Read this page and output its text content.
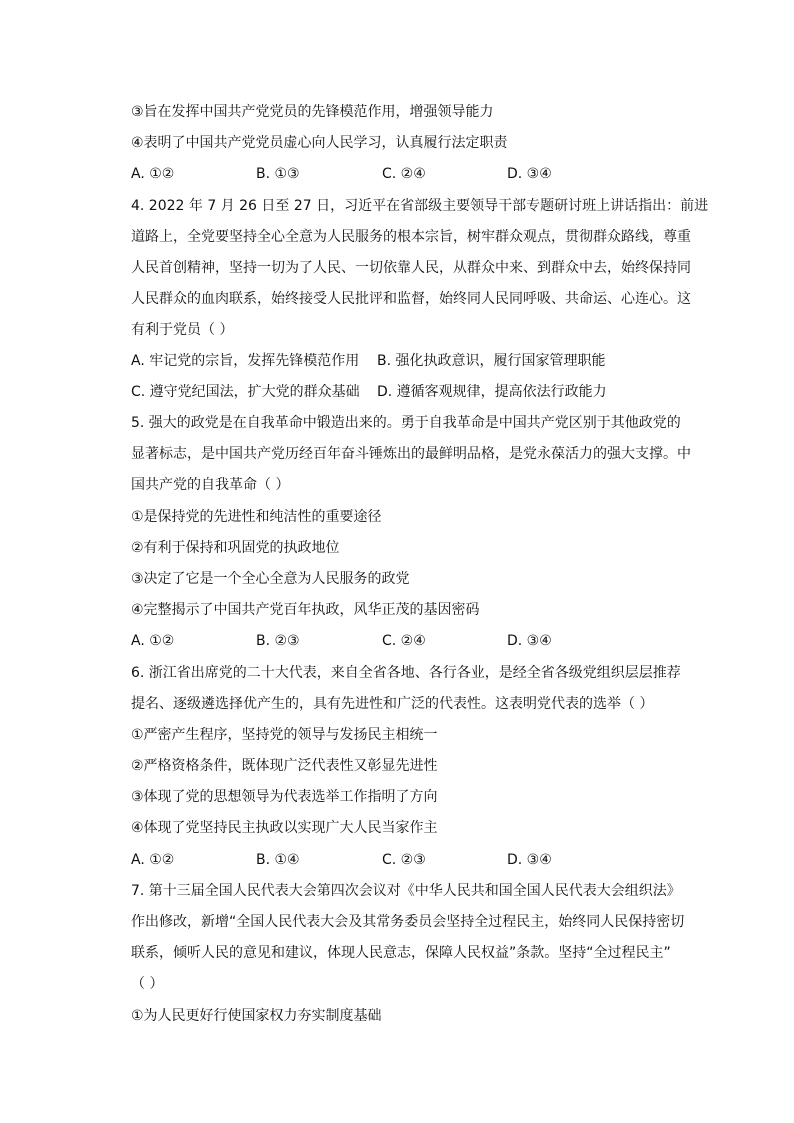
③旨在发挥中国共产党党员的先锋模范作用，增强领导能力
④表明了中国共产党党员虚心向人民学习，认真履行法定职责
A. ①②	B. ①③	C. ②④	D. ③④
4. 2022 年 7 月 26 日至 27 日，习近平在省部级主要领导干部专题研讨班上讲话指出：前进
道路上，全党要坚持全心全意为人民服务的根本宗旨，树牢群众观点，贯彻群众路线，尊重
人民首创精神，坚持一切为了人民、一切依靠人民，从群众中来、到群众中去，始终保持同
人民群众的血肉联系，始终接受人民批评和监督，始终同人民同呼吸、共命运、心连心。这
有利于党员（ ）
A. 牢记党的宗旨，发挥先锋模范作用 B. 强化执政意识，履行国家管理职能
C. 遵守党纪国法，扩大党的群众基础 D. 遵循客观规律，提高依法行政能力
5. 强大的政党是在自我革命中锻造出来的。勇于自我革命是中国共产党区别于其他政党的
显著标志，是中国共产党历经百年奋斗锤炼出的最鲜明品格，是党永葆活力的强大支撑。中
国共产党的自我革命（ ）
①是保持党的先进性和纯洁性的重要途径
②有利于保持和巩固党的执政地位
③决定了它是一个全心全意为人民服务的政党
④完整揭示了中国共产党百年执政，风华正茂的基因密码
A. ①②	B. ②③	C. ②④	D. ③④
6. 浙江省出席党的二十大代表，来自全省各地、各行各业，是经全省各级党组织层层推荐
提名、逐级遴选择优产生的，具有先进性和广泛的代表性。这表明党代表的选举（ ）
①严密产生程序，坚持党的领导与发扬民主相统一
②严格资格条件，既体现广泛代表性又彰显先进性
③体现了党的思想领导为代表选举工作指明了方向
④体现了党坚持民主执政以实现广大人民当家作主
A. ①②	B. ①④	C. ②③	D. ③④
7. 第十三届全国人民代表大会第四次会议对《中华人民共和国全国人民代表大会组织法》
作出修改，新增“全国人民代表大会及其常务委员会坚持全过程民主，始终同人民保持密切
联系，倾听人民的意见和建议，体现人民意志，保障人民权益”条款。坚持“全过程民主”
（ ）
①为人民更好行使国家权力夯实制度基础
